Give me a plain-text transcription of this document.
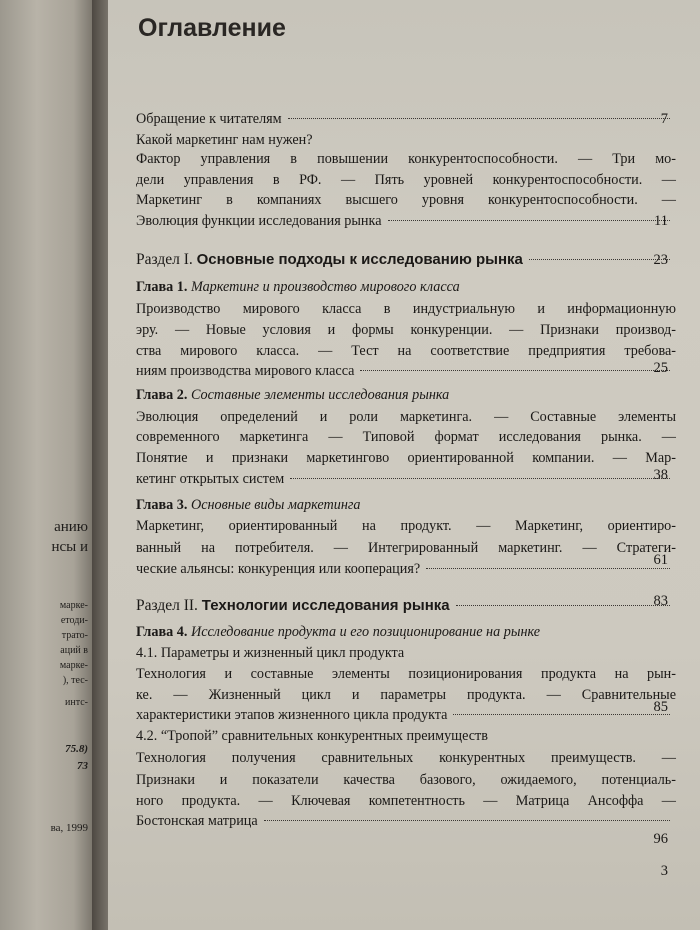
анию
нсы и
марке-
етоди-
трато-
аций в
марке-
), тес-
интс-
75.8)
73
ва, 1999
Оглавление
Обращение к читателям
Какой маркетинг нам нужен?
Фактор управления в повышении конкурентоспособности. — Три мо-
дели управления в РФ. — Пять уровней конкурентоспособности. —
Маркетинг в компаниях высшего уровня конкурентоспособности. —
Эволюция функции исследования рынка
Раздел I. Основные подходы к исследованию рынка
Глава 1. Маркетинг и производство мирового класса
Производство мирового класса в индустриальную и информационную
эру. — Новые условия и формы конкуренции. — Признаки производ-
ства мирового класса. — Тест на соответствие предприятия требова-
ниям производства мирового класса
Глава 2. Составные элементы исследования рынка
Эволюция определений и роли маркетинга. — Составные элементы
современного маркетинга — Типовой формат исследования рынка. —
Понятие и признаки маркетингово ориентированной компании. — Мар-
кетинг открытых систем
Глава 3. Основные виды маркетинга
Маркетинг, ориентированный на продукт. — Маркетинг, ориентиро-
ванный на потребителя. — Интегрированный маркетинг. — Стратеги-
ческие альянсы: конкуренция или кооперация?
Раздел II. Технологии исследования рынка
Глава 4. Исследование продукта и его позиционирование на рынке
4.1. Параметры и жизненный цикл продукта
Технология и составные элементы позиционирования продукта на рын-
ке. — Жизненный цикл и параметры продукта. — Сравнительные
характеристики этапов жизненного цикла продукта
4.2. “Тропой” сравнительных конкурентных преимуществ
Технология получения сравнительных конкурентных преимуществ. —
Признаки и показатели качества базового, ожидаемого, потенциаль-
ного продукта. — Ключевая компетентность — Матрица Ансоффа —
Бостонская матрица
3
7
11
23
25
38
61
83
85
96
